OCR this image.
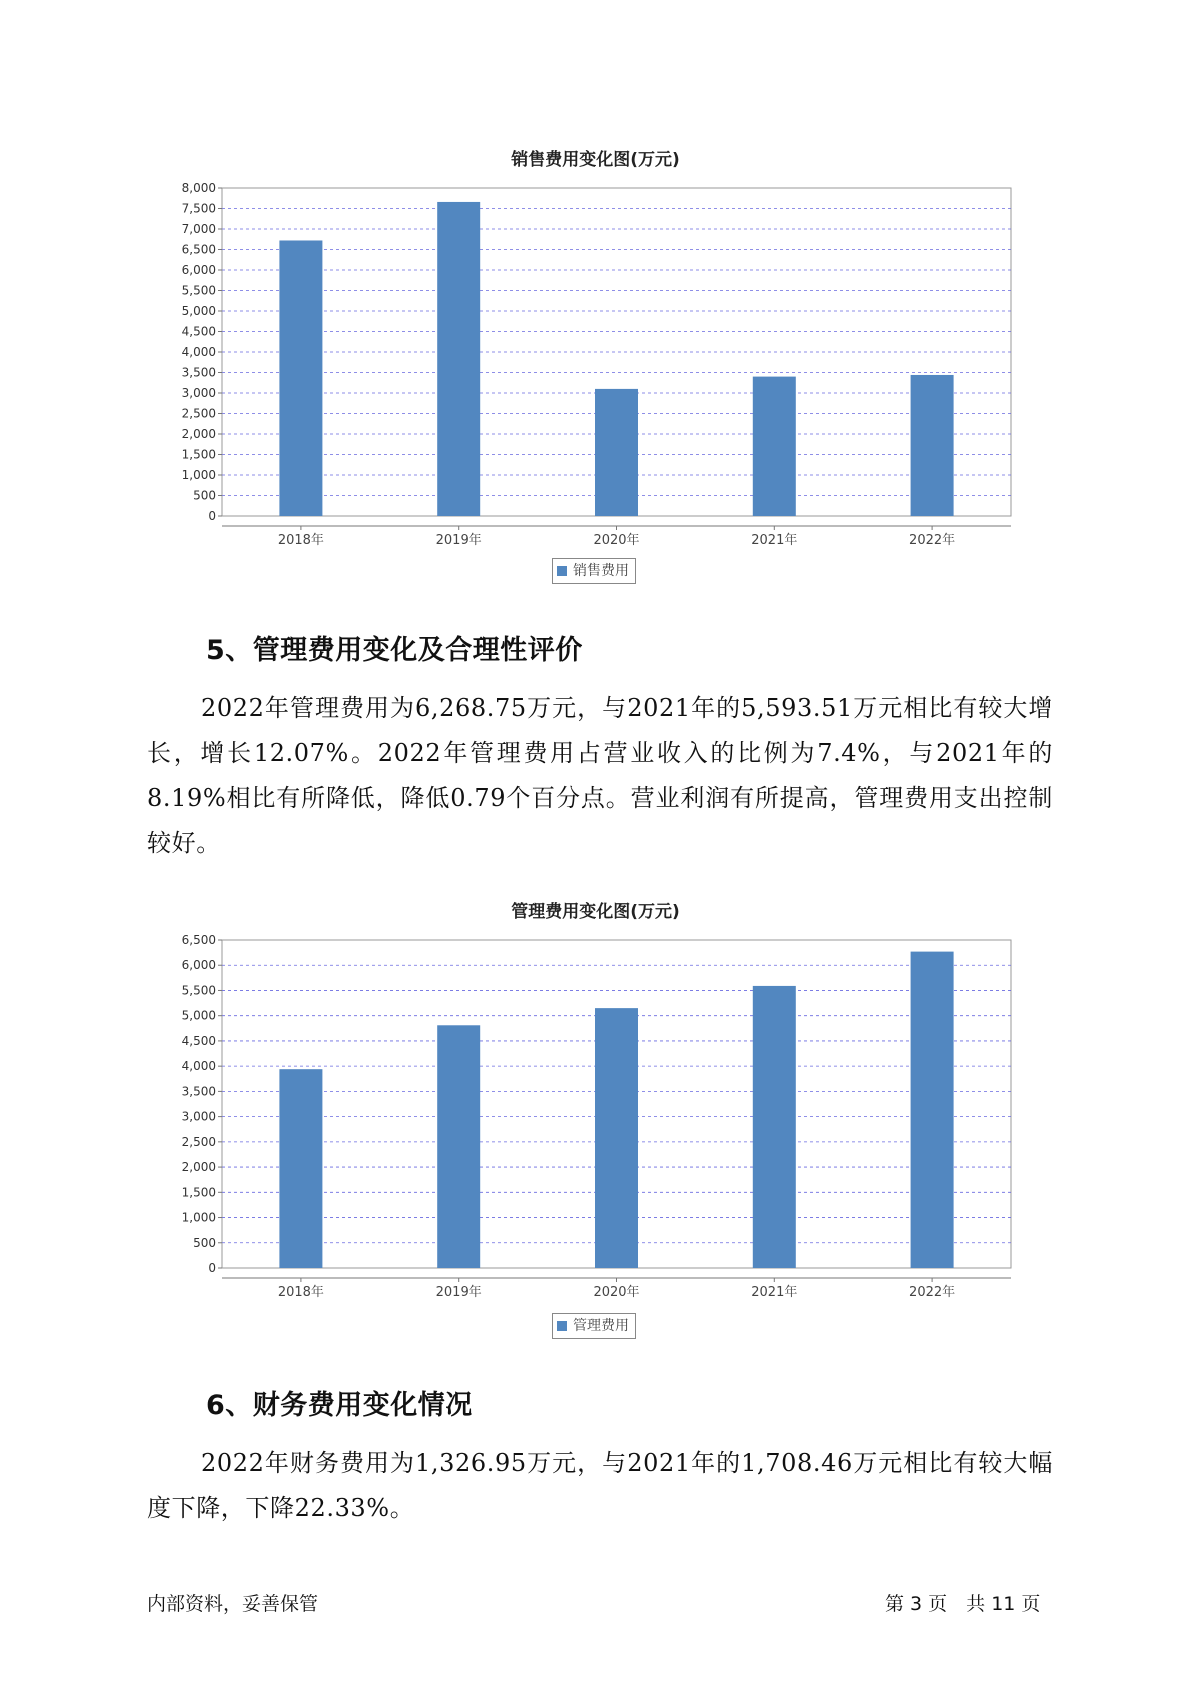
销售费用变化图(万元)
0
500
1,000
1,500
2,000
2,500
3,000
3,500
4,000
4,500
5,000
5,500
6,000
6,500
7,000
7,500
8,000
2018年	2019年	2020年	2021年	2022年
销售费用
5、管理费用变化及合理性评价

2022年管理费用为6,268.75万元，与2021年的5,593.51万元相比有较大增长，增长12.07%。2022年管理费用占营业收入的比例为7.4%，与2021年的8.19%相比有所降低，降低0.79个百分点。营业利润有所提高，管理费用支出控制较好。

管理费用变化图(万元)
0
500
1,000
1,500
2,000
2,500
3,000
3,500
4,000
4,500
5,000
5,500
6,000
6,500
2018年	2019年	2020年	2021年	2022年
管理费用
6、财务费用变化情况

2022年财务费用为1,326.95万元，与2021年的1,708.46万元相比有较大幅度下降，下降22.33%。

内部资料，妥善保管	第 3 页　共 11 页
